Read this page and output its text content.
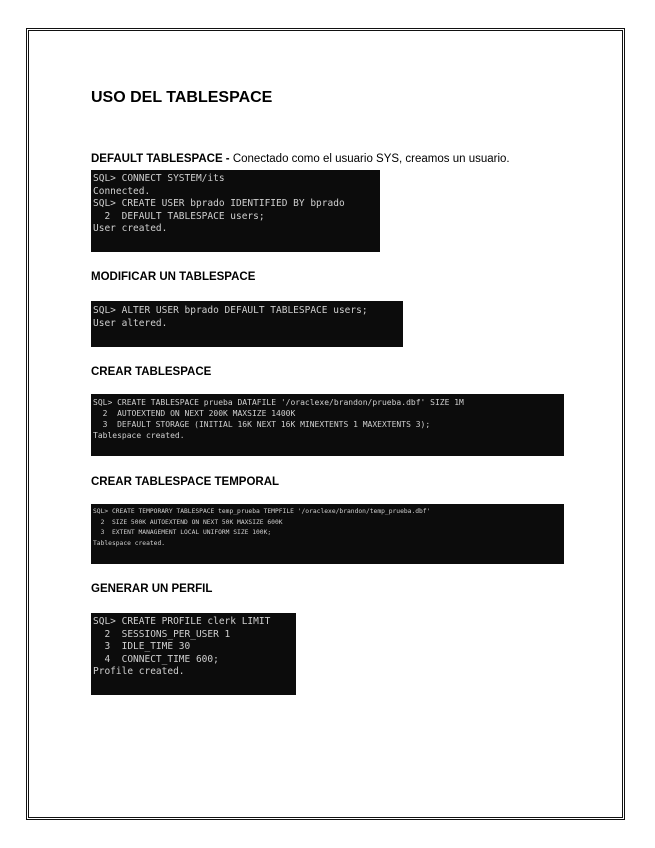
USO DEL TABLESPACE

DEFAULT TABLESPACE - Conectado como el usuario SYS, creamos un usuario.

SQL> CONNECT SYSTEM/its
Connected.
SQL> CREATE USER bprado IDENTIFIED BY bprado
2  DEFAULT TABLESPACE users;
User created.
MODIFICAR UN TABLESPACE
SQL> ALTER USER bprado DEFAULT TABLESPACE users;
User altered.
CREAR TABLESPACE
SQL> CREATE TABLESPACE prueba DATAFILE '/oraclexe/brandon/prueba.dbf' SIZE 1M
2  AUTOEXTEND ON NEXT 200K MAXSIZE 1400K
3  DEFAULT STORAGE (INITIAL 16K NEXT 16K MINEXTENTS 1 MAXEXTENTS 3);
Tablespace created.
CREAR TABLESPACE TEMPORAL
SQL> CREATE TEMPORARY TABLESPACE temp_prueba TEMPFILE '/oraclexe/brandon/temp_prueba.dbf'
2  SIZE 500K AUTOEXTEND ON NEXT 50K MAXSIZE 600K
3  EXTENT MANAGEMENT LOCAL UNIFORM SIZE 100K;
Tablespace created.
GENERAR UN PERFIL
SQL> CREATE PROFILE clerk LIMIT
2  SESSIONS_PER_USER 1
3  IDLE_TIME 30
4  CONNECT_TIME 600;
Profile created.
